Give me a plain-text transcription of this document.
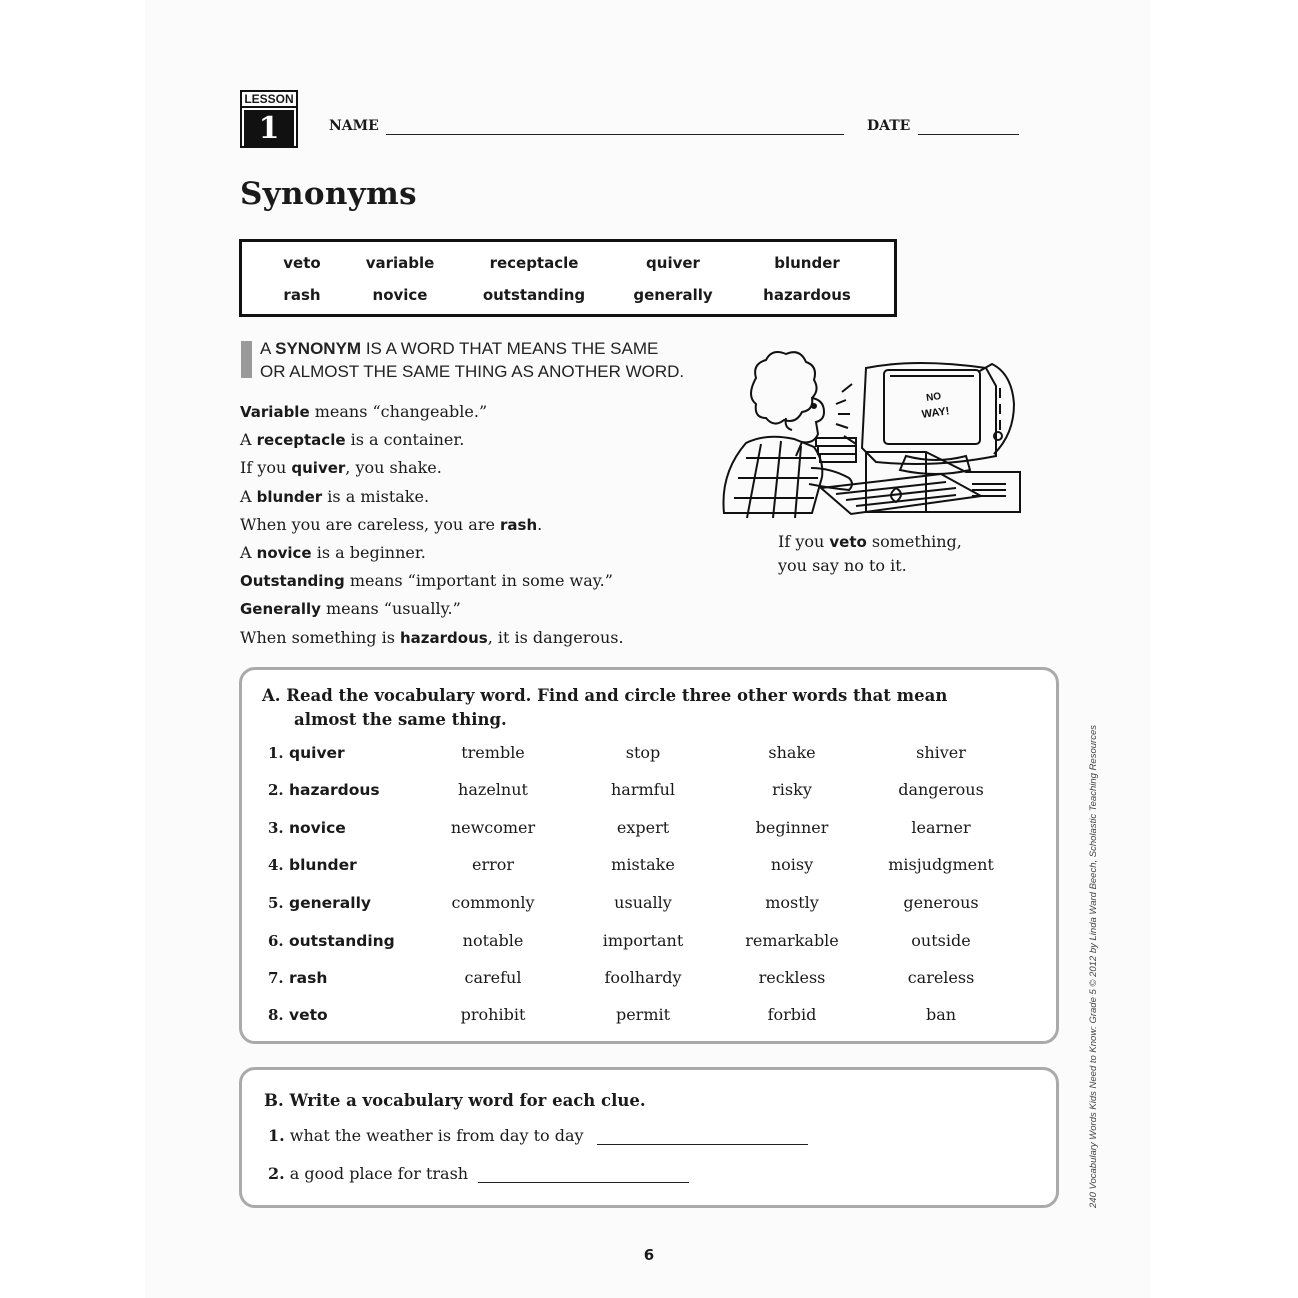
LESSON
1	NAME	DATE
Synonyms
veto	variable	receptacle	quiver	blunder
rash	novice	outstanding	generally	hazardous
A SYNONYM IS A WORD THAT MEANS THE SAME
OR ALMOST THE SAME THING AS ANOTHER WORD.
Variable means “changeable.”
A receptacle is a container.
If you quiver, you shake.
A blunder is a mistake.
When you are careless, you are rash.
A novice is a beginner.
Outstanding means “important in some way.”
Generally means “usually.”
When something is hazardous, it is dangerous.
NO
WAY!
If you veto something,
you say no to it.
A. Read the vocabulary word. Find and circle three other words that mean
almost the same thing.
1. quiver	tremble	stop	shake	shiver
2. hazardous	hazelnut	harmful	risky	dangerous
3. novice	newcomer	expert	beginner	learner
4. blunder	error	mistake	noisy	misjudgment
5. generally	commonly	usually	mostly	generous
6. outstanding	notable	important	remarkable	outside
7. rash	careful	foolhardy	reckless	careless
8. veto	prohibit	permit	forbid	ban
B. Write a vocabulary word for each clue.
1. what the weather is from day to day
2. a good place for trash
6
240 Vocabulary Words Kids Need to Know: Grade 5 © 2012 by Linda Ward Beech, Scholastic Teaching Resources
